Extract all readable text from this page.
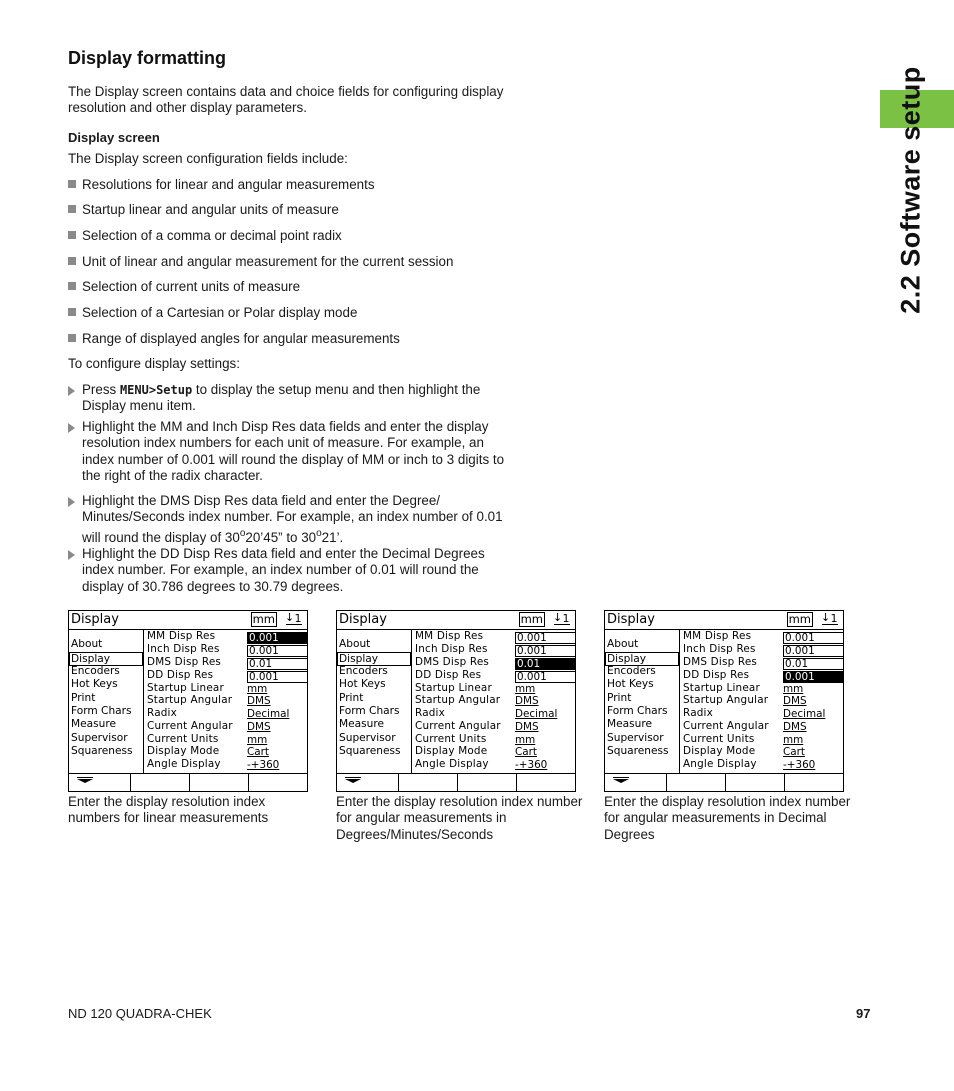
2.2 Software setup
Display formatting

The Display screen contains data and choice fields for configuring display resolution and other display parameters.

Display screen

The Display screen configuration fields include:

Resolutions for linear and angular measurements
Startup linear and angular units of measure
Selection of a comma or decimal point radix
Unit of linear and angular measurement for the current session
Selection of current units of measure
Selection of a Cartesian or Polar display mode
Range of displayed angles for angular measurements

To configure display settings:

Press MENU>Setup to display the setup menu and then highlight the Display menu item.
Highlight the MM and Inch Disp Res data fields and enter the display resolution index numbers for each unit of measure. For example, an index number of 0.001 will round the display of MM or inch to 3 digits to the right of the radix character.
Highlight the DMS Disp Res data field and enter the Degree/ Minutes/Seconds index number. For example, an index number of 0.01 will round the display of 30$^o$20’45” to 30$^o$21’.
Highlight the DD Disp Res data field and enter the Decimal Degrees index number. For example, an index number of 0.01 will round the display of 30.786 degrees to 30.79 degrees.
Display	mm	1
↓
About
Display
Encoders
Hot Keys
Print
Form Chars
Measure
Supervisor
Squareness
MM Disp Res	0.001
Inch Disp Res	0.001
DMS Disp Res	0.01
DD Disp Res	0.001
Startup Linear mm
Startup Angular DMS
Radix	Decimal
Current Angular DMS
Current Units	mm
Display Mode	Cart
Angle Display	-+360
Display	mm	1
↓
About
Display
Encoders
Hot Keys
Print
Form Chars
Measure
Supervisor
Squareness
MM Disp Res	0.001
Inch Disp Res	0.001
DMS Disp Res	0.01
DD Disp Res	0.001
Startup Linear mm
Startup Angular DMS
Radix	Decimal
Current Angular DMS
Current Units	mm
Display Mode	Cart
Angle Display	-+360
Display	mm	1
↓
About
Display
Encoders
Hot Keys
Print
Form Chars
Measure
Supervisor
Squareness
MM Disp Res	0.001
Inch Disp Res	0.001
DMS Disp Res	0.01
DD Disp Res	0.001
Startup Linear mm
Startup Angular DMS
Radix	Decimal
Current Angular DMS
Current Units	mm
Display Mode	Cart
Angle Display	-+360

Enter the display resolution index numbers for linear measurements

Enter the display resolution index number for angular measurements in Degrees/Minutes/Seconds

Enter the display resolution index number for angular measurements in Decimal Degrees

ND 120 QUADRA-CHEK	97
